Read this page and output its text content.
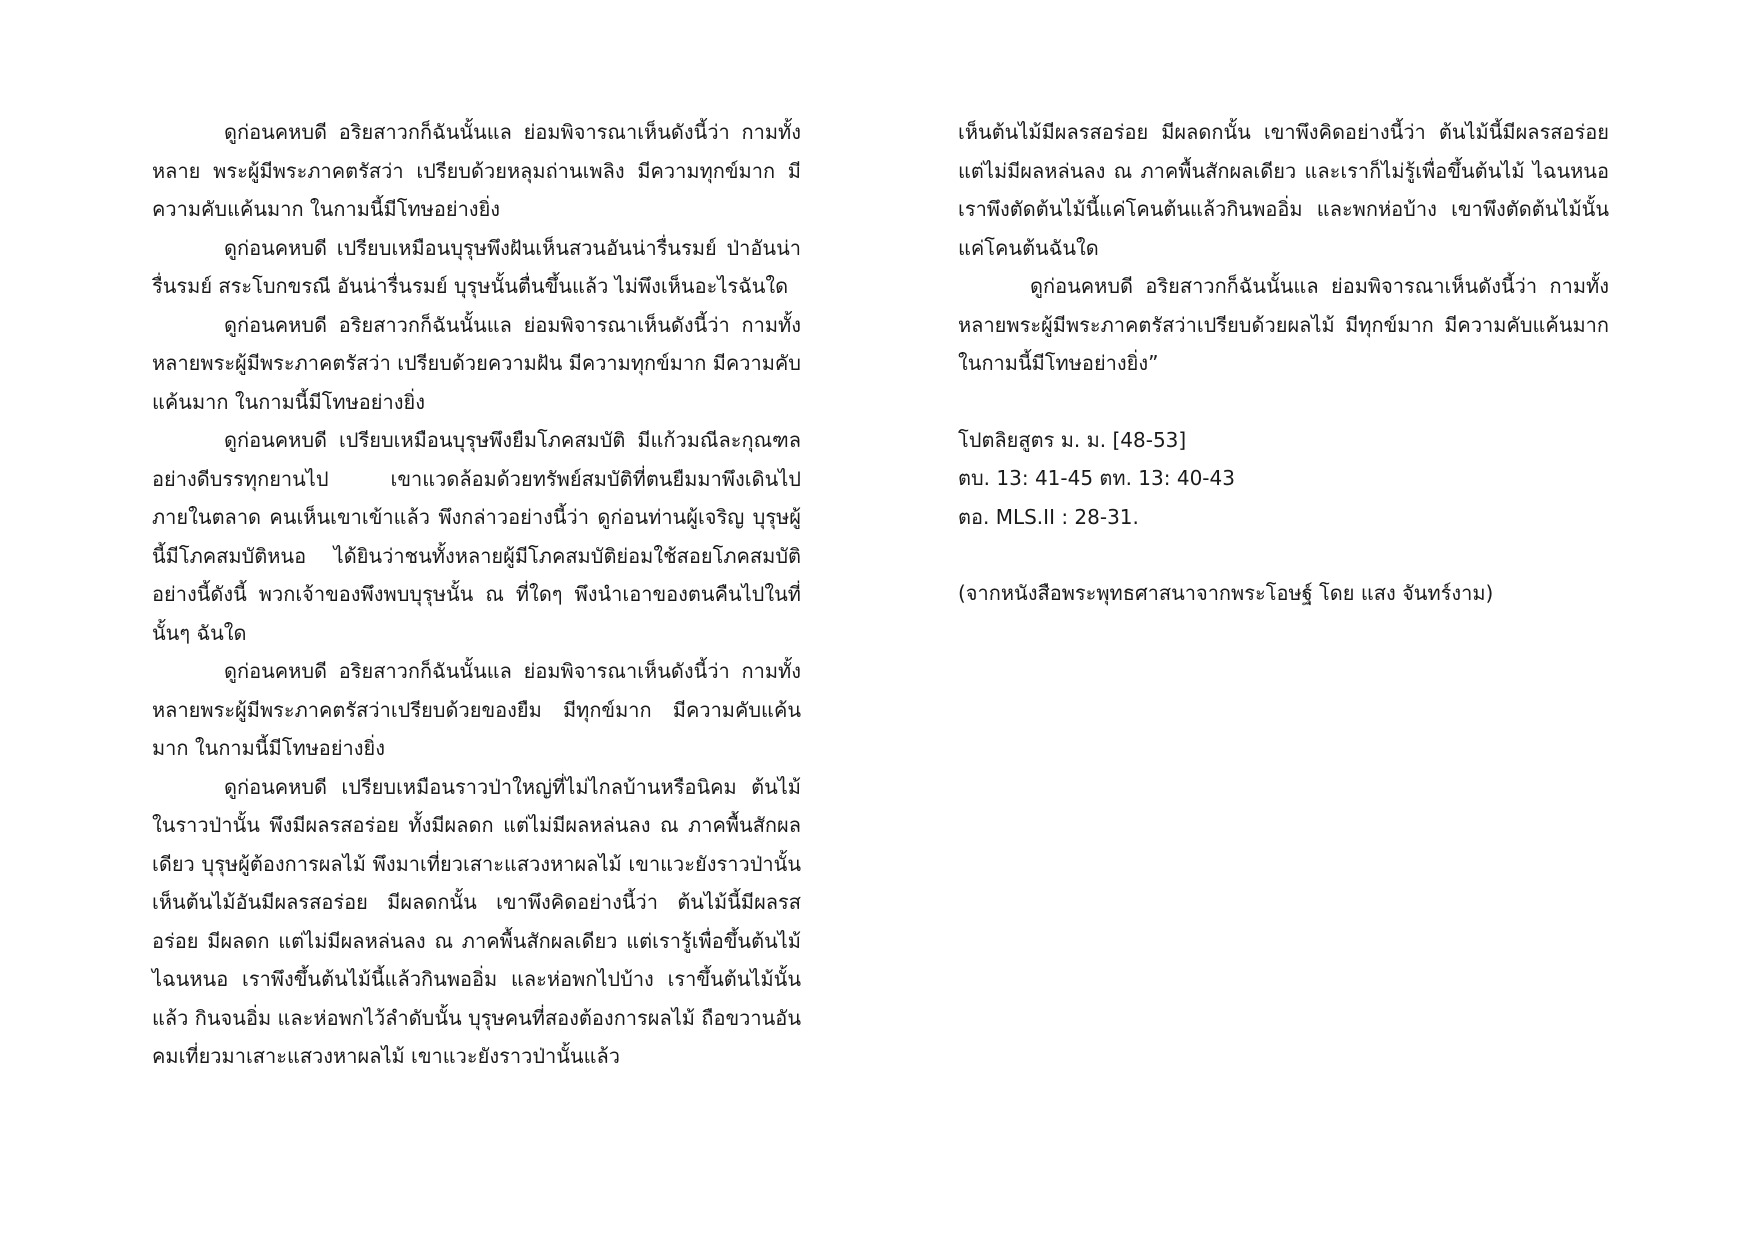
ดูก่อนคหบดี อริยสาวกก็ฉันนั้นแล ย่อมพิจารณาเห็นดังนี้ว่า กามทั้งหลาย พระผู้มีพระภาคตรัสว่า เปรียบด้วยหลุมถ่านเพลิง มีความทุกข์มาก มีความคับแค้นมาก ในกามนี้มีโทษอย่างยิ่ง

ดูก่อนคหบดี เปรียบเหมือนบุรุษพึงฝันเห็นสวนอันน่ารื่นรมย์ ป่าอันน่ารื่นรมย์ สระโบกขรณี อันน่ารื่นรมย์ บุรุษนั้นตื่นขึ้นแล้ว ไม่พึงเห็นอะไรฉันใด

ดูก่อนคหบดี อริยสาวกก็ฉันนั้นแล ย่อมพิจารณาเห็นดังนี้ว่า กามทั้งหลายพระผู้มีพระภาคตรัสว่า เปรียบด้วยความฝัน มีความทุกข์มาก มีความคับแค้นมาก ในกามนี้มีโทษอย่างยิ่ง

ดูก่อนคหบดี เปรียบเหมือนบุรุษพึงยืมโภคสมบัติ มีแก้วมณีละกุณฑลอย่างดีบรรทุกยานไป เขาแวดล้อมด้วยทรัพย์สมบัติที่ตนยืมมาพึงเดินไปภายในตลาด คนเห็นเขาเข้าแล้ว พึงกล่าวอย่างนี้ว่า ดูก่อนท่านผู้เจริญ บุรุษผู้นี้มีโภคสมบัติหนอ ได้ยินว่าชนทั้งหลายผู้มีโภคสมบัติย่อมใช้สอยโภคสมบัติอย่างนี้ดังนี้ พวกเจ้าของพึงพบบุรุษนั้น ณ ที่ใดๆ พึงนำเอาของตนคืนไปในที่นั้นๆ ฉันใด

ดูก่อนคหบดี อริยสาวกก็ฉันนั้นแล ย่อมพิจารณาเห็นดังนี้ว่า กามทั้งหลายพระผู้มีพระภาคตรัสว่าเปรียบด้วยของยืม มีทุกข์มาก มีความคับแค้นมาก ในกามนี้มีโทษอย่างยิ่ง

ดูก่อนคหบดี เปรียบเหมือนราวป่าใหญ่ที่ไม่ไกลบ้านหรือนิคม ต้นไม้ในราวป่านั้น พึงมีผลรสอร่อย ทั้งมีผลดก แต่ไม่มีผลหล่นลง ณ ภาคพื้นสักผลเดียว บุรุษผู้ต้องการผลไม้ พึงมาเที่ยวเสาะแสวงหาผลไม้ เขาแวะยังราวป่านั้น เห็นต้นไม้อันมีผลรสอร่อย มีผลดกนั้น เขาพึงคิดอย่างนี้ว่า ต้นไม้นี้มีผลรสอร่อย มีผลดก แต่ไม่มีผลหล่นลง ณ ภาคพื้นสักผลเดียว แต่เรารู้เพื่อขึ้นต้นไม้ไฉนหนอ เราพึงขึ้นต้นไม้นี้แล้วกินพออิ่ม และห่อพกไปบ้าง เราขึ้นต้นไม้นั้นแล้ว กินจนอิ่ม และห่อพกไว้ลำดับนั้น บุรุษคนที่สองต้องการผลไม้ ถือขวานอันคมเที่ยวมาเสาะแสวงหาผลไม้ เขาแวะยังราวป่านั้นแล้ว

เห็นต้นไม้มีผลรสอร่อย มีผลดกนั้น เขาพึงคิดอย่างนี้ว่า ต้นไม้นี้มีผลรสอร่อย แต่ไม่มีผลหล่นลง ณ ภาคพื้นสักผลเดียว และเราก็ไม่รู้เพื่อขึ้นต้นไม้ ไฉนหนอ เราพึงตัดต้นไม้นี้แค่โคนต้นแล้วกินพออิ่ม และพกห่อบ้าง เขาพึงตัดต้นไม้นั้น แค่โคนต้นฉันใด

ดูก่อนคหบดี อริยสาวกก็ฉันนั้นแล ย่อมพิจารณาเห็นดังนี้ว่า กามทั้งหลายพระผู้มีพระภาคตรัสว่าเปรียบด้วยผลไม้ มีทุกข์มาก มีความคับแค้นมาก ในกามนี้มีโทษอย่างยิ่ง”

โปตลิยสูตร ม. ม. [48-53]

ตบ. 13: 41-45 ตท. 13: 40-43

ตอ. MLS.II : 28-31.

(จากหนังสือพระพุทธศาสนาจากพระโอษฐ์ โดย แสง จันทร์งาม)
